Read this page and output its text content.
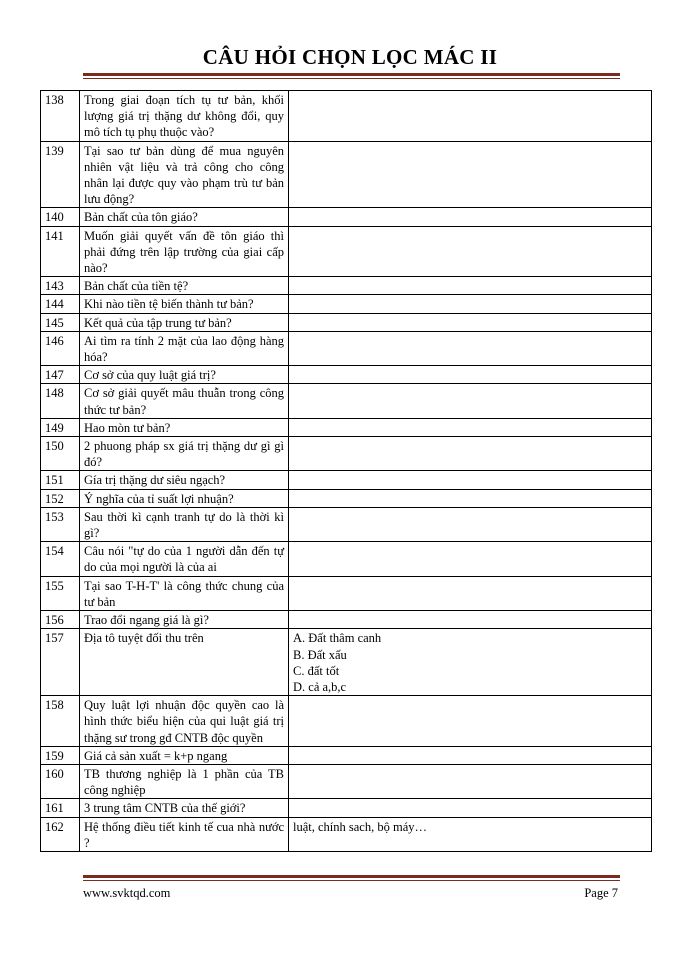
CÂU HỎI CHỌN LỌC MÁC II
138	Trong giai đoạn tích tụ tư bản, khối lượng giá trị thặng dư không đổi, quy mô tích tụ phụ thuộc vào?	
139	Tại sao tư bản dùng để mua nguyên nhiên vật liệu và trả công cho công nhân lại được quy vào phạm trù tư bản lưu động?	
140	Bản chất của tôn giáo?	
141	Muốn giải quyết vấn đề tôn giáo thì phải đứng trên lập trường của giai cấp nào?	
143	Bản chất của tiền tệ?	
144	Khi nào tiền tệ biến thành tư bản?	
145	Kết quả của tập trung tư bản?	
146	Ai tìm ra tính 2 mặt của lao động hàng hóa?	
147	Cơ sở của quy luật giá trị?	
148	Cơ sở giải quyết mâu thuẫn trong công thức tư bản?	
149	Hao mòn tư bản?	
150	2 phuong pháp sx giá trị thặng dư gì gì đó?	
151	Gía trị thặng dư siêu ngạch?	
152	Ý nghĩa của tỉ suất lợi nhuận?	
153	Sau thời kì cạnh tranh tự do là thời kì gì?	
154	Câu nói "tự do của 1 người dẫn đến tự do của mọi người là của ai	
155	Tại sao T-H-T' là công thức chung của tư bản	
156	Trao đổi ngang giá là gì?	
157	Địa tô tuyệt đối thu trên	A. Đất thâm canh
B. Đất xấu
C. đất tốt
D. cả a,b,c

158	Quy luật lợi nhuận độc quyền cao là hình thức biểu hiện của qui luật giá trị thặng sư trong gđ CNTB độc quyền	
159	Giá cả sản xuất = k+p ngang	
160	TB thương nghiệp là 1 phần của TB công nghiệp	
161	3 trung tâm CNTB của thế giới?	
162	Hệ thống điều tiết kinh tế cua nhà nước ?	luật, chính sach, bộ máy…
www.svktqd.com	Page 7
